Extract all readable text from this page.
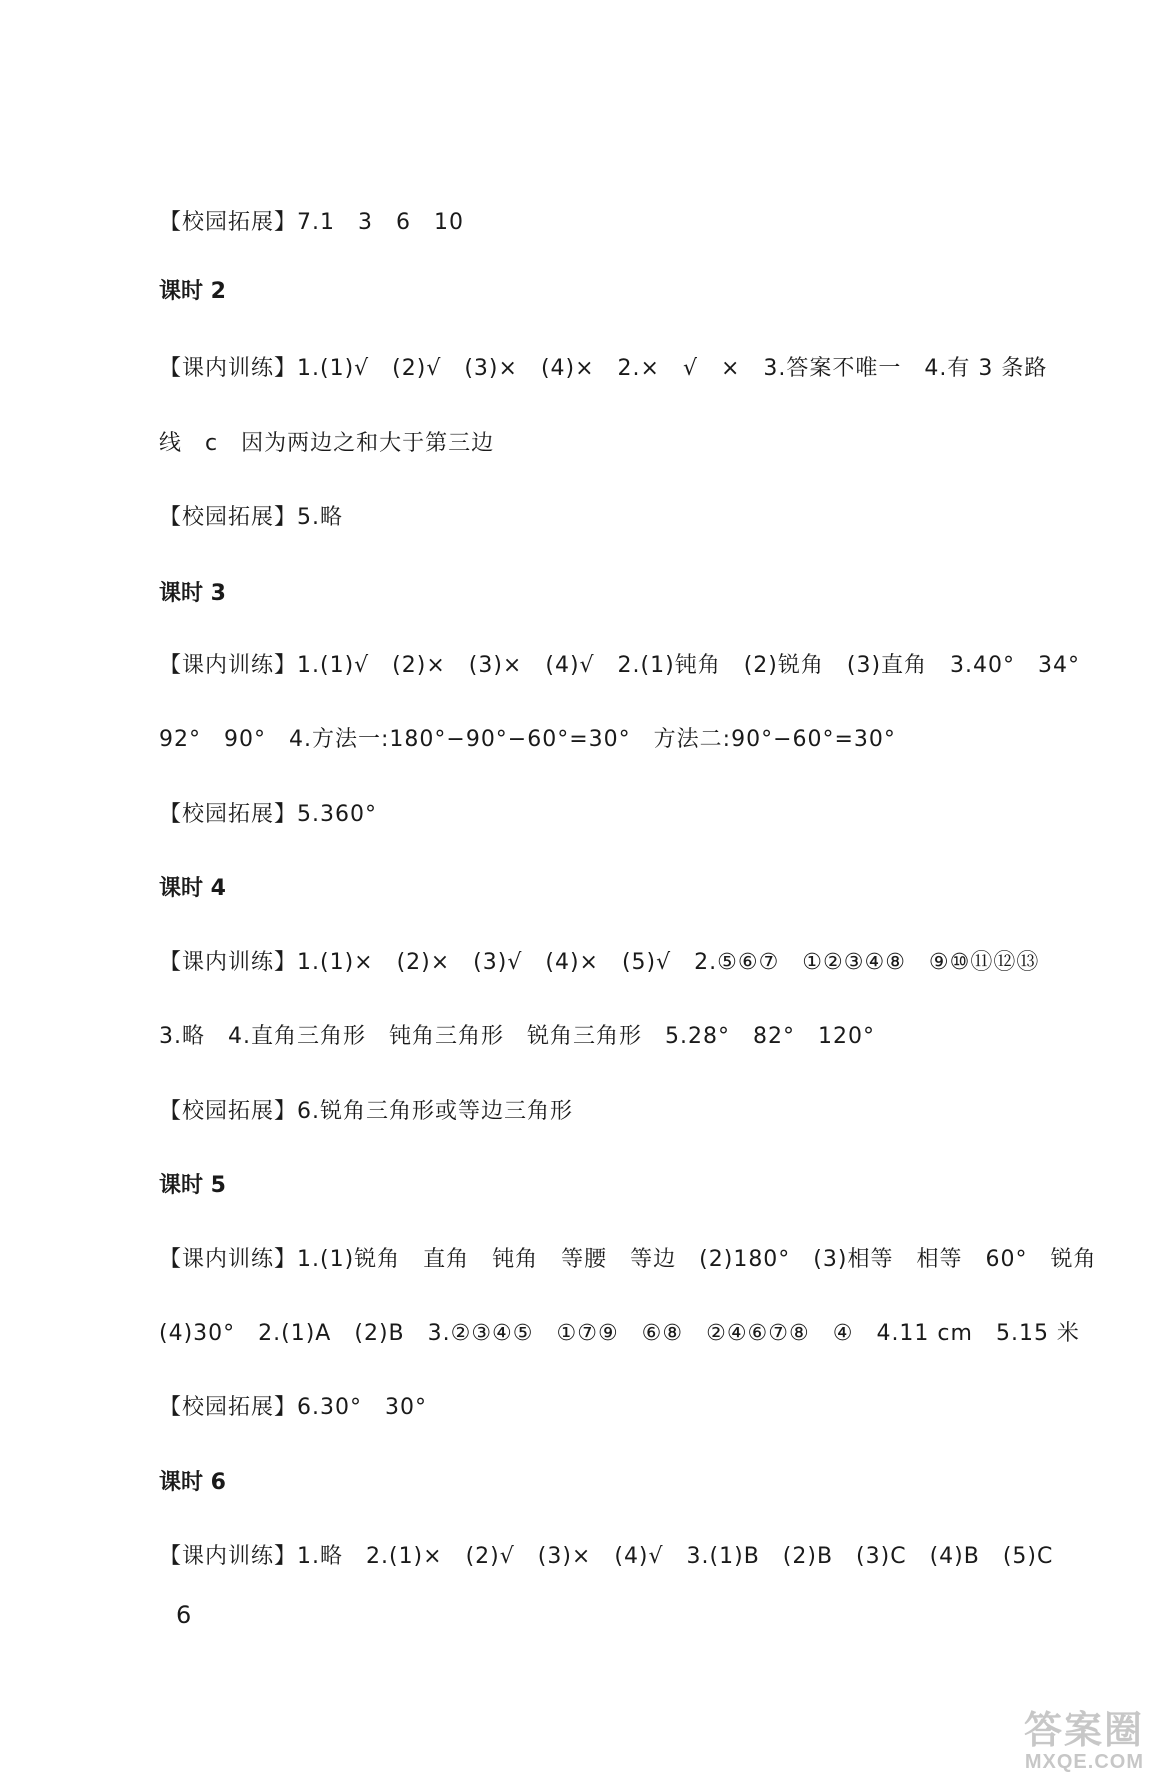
【校园拓展】7.1　3　6　10
课时 2
【课内训练】1.(1)√　(2)√　(3)×　(4)×　2.×　√　×　3.答案不唯一　4.有 3 条路
线　c　因为两边之和大于第三边
【校园拓展】5.略
课时 3
【课内训练】1.(1)√　(2)×　(3)×　(4)√　2.(1)钝角　(2)锐角　(3)直角　3.40°　34°
92°　90°　4.方法一:180°−90°−60°=30°　方法二:90°−60°=30°
【校园拓展】5.360°
课时 4
【课内训练】1.(1)×　(2)×　(3)√　(4)×　(5)√　2.⑤⑥⑦　①②③④⑧　⑨⑩⑪⑫⑬
3.略　4.直角三角形　钝角三角形　锐角三角形　5.28°　82°　120°
【校园拓展】6.锐角三角形或等边三角形
课时 5
【课内训练】1.(1)锐角　直角　钝角　等腰　等边　(2)180°　(3)相等　相等　60°　锐角
(4)30°　2.(1)A　(2)B　3.②③④⑤　①⑦⑨　⑥⑧　②④⑥⑦⑧　④　4.11 cm　5.15 米
【校园拓展】6.30°　30°
课时 6
【课内训练】1.略　2.(1)×　(2)√　(3)×　(4)√　3.(1)B　(2)B　(3)C　(4)B　(5)C
6
答案圈
MXQE.COM
